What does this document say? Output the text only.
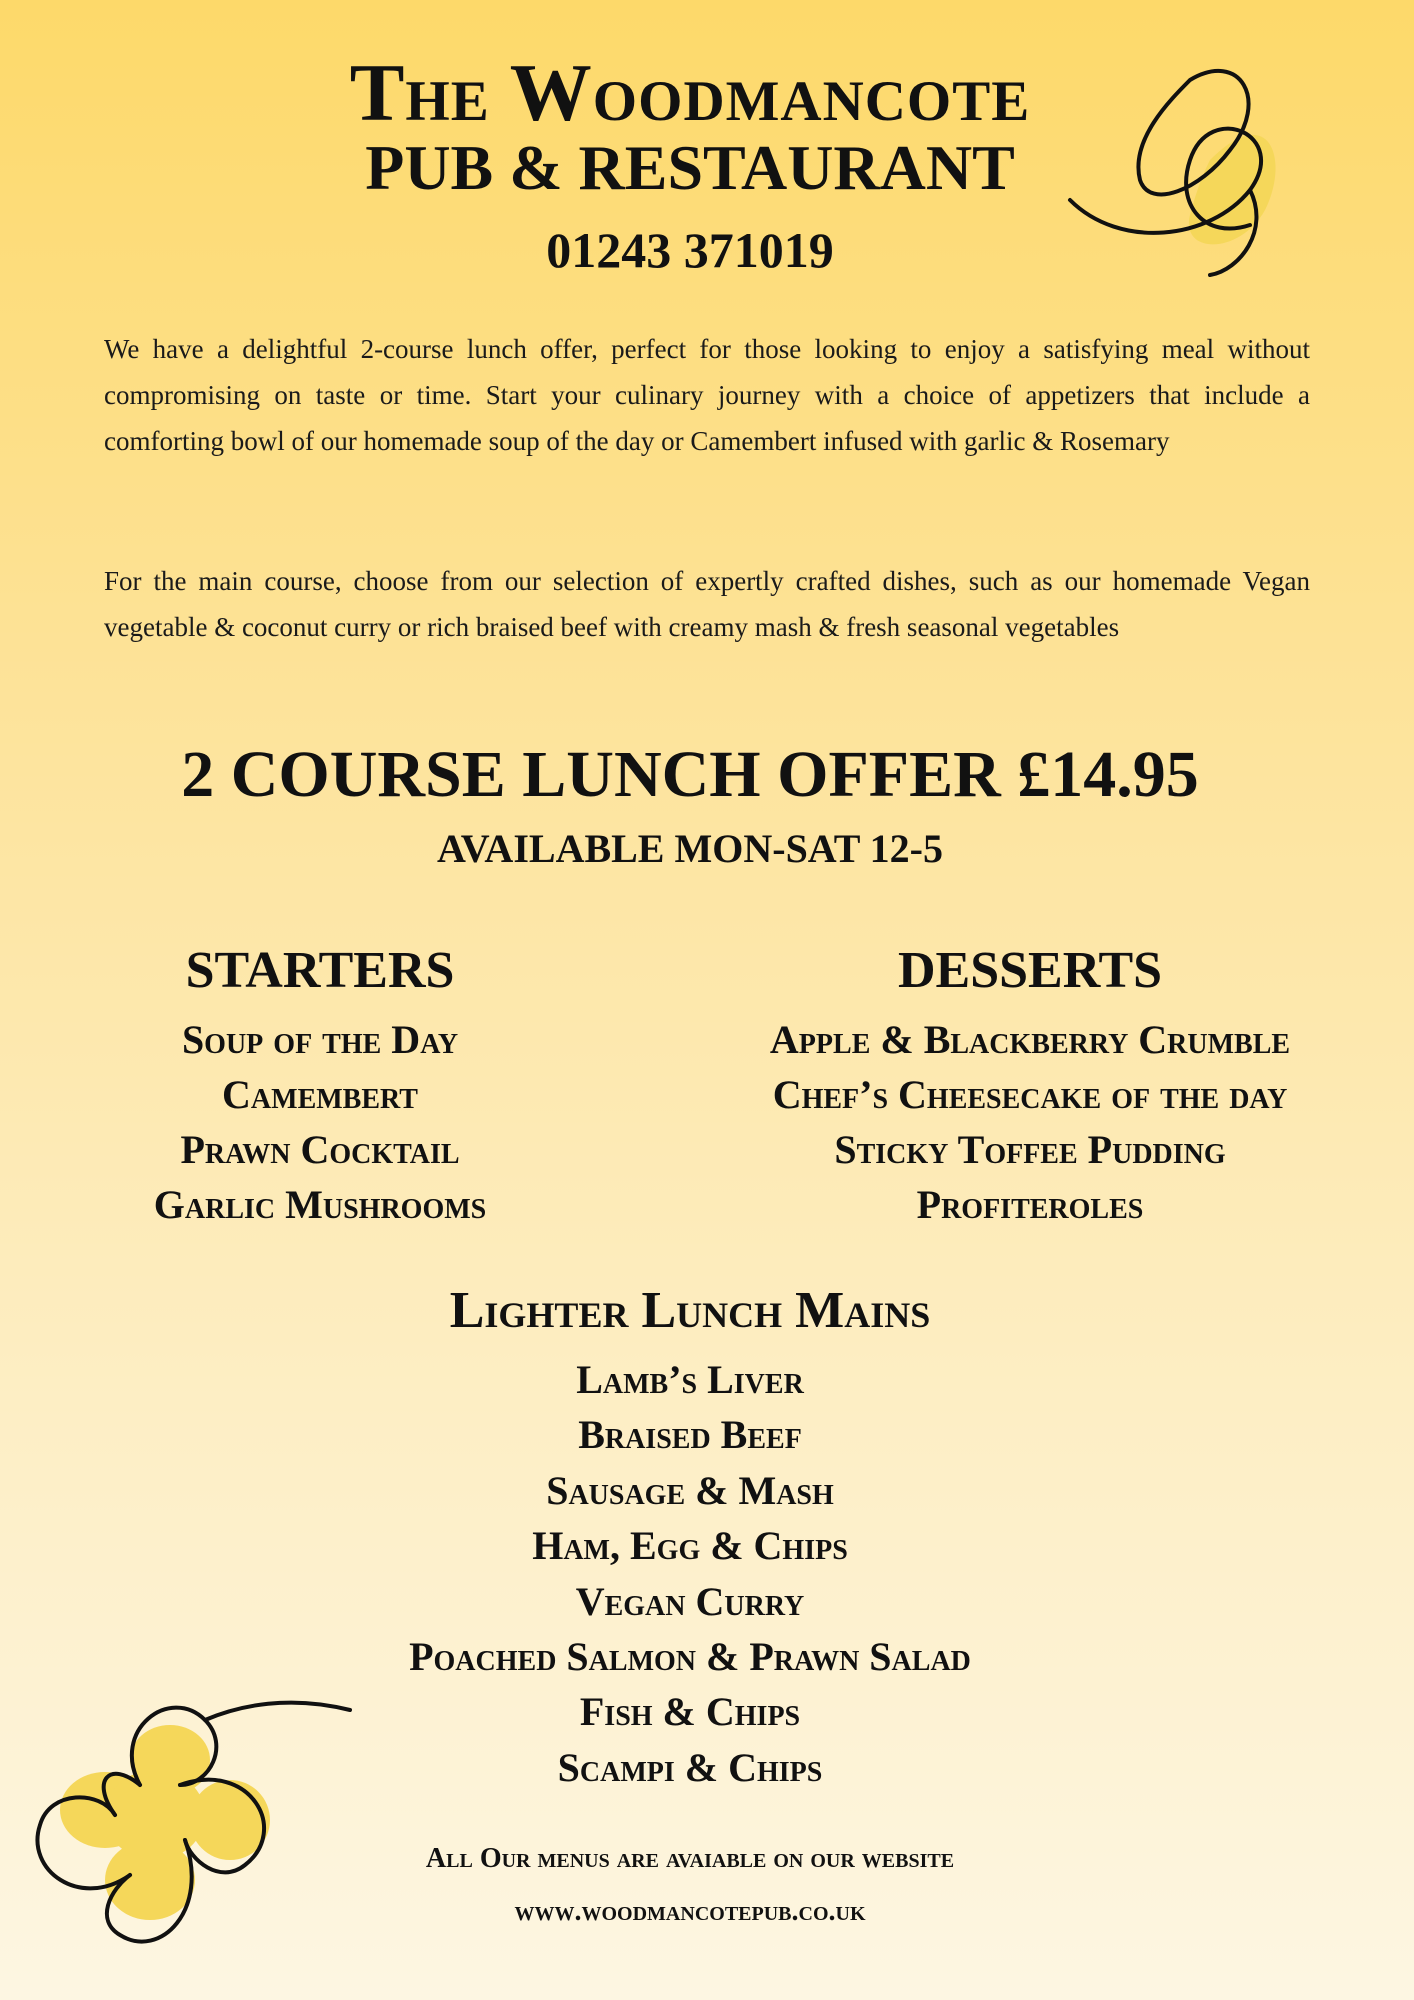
The Woodmancote
PUB & RESTAURANT
01243 371019

We have a delightful 2-course lunch offer, perfect for those looking to enjoy a satisfying meal without compromising on taste or time. Start your culinary journey with a choice of appetizers that include a comforting bowl of our homemade soup of the day or Camembert infused with garlic & Rosemary

For the main course, choose from our selection of expertly crafted dishes, such as our homemade Vegan vegetable & coconut curry or rich braised beef with creamy mash & fresh seasonal vegetables

2 COURSE LUNCH OFFER £14.95
AVAILABLE MON-SAT 12-5
STARTERS
Soup of the Day
Camembert
Prawn Cocktail
Garlic Mushrooms
DESSERTS
Apple & Blackberry Crumble
Chef’s Cheesecake of the day
Sticky Toffee Pudding
Profiteroles
Lighter Lunch Mains
Lamb’s Liver
Braised Beef
Sausage & Mash
Ham, Egg & Chips
Vegan Curry
Poached Salmon & Prawn Salad
Fish & Chips
Scampi & Chips
All Our menus are avaiable on our website
www.woodmancotepub.co.uk
